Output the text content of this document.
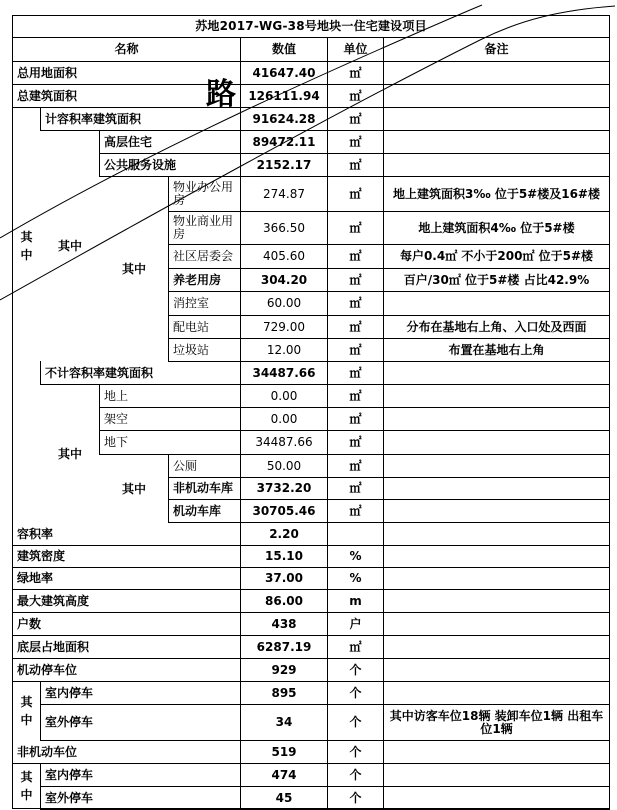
苏地2017-WG-38号地块一住宅建设项目
名称	数值	单位	备注
总用地面积	41647.40	㎡
总建筑面积	126111.94	㎡
计容积率建筑面积	91624.28	㎡
高层住宅	89472.11	㎡
公共服务设施	2152.17	㎡
物业办公用房	274.87	㎡	地上建筑面积3‰ 位于5#楼及16#楼
物业商业用房	366.50	㎡	地上建筑面积4‰ 位于5#楼
社区居委会	405.60	㎡	每户0.4㎡ 不小于200㎡ 位于5#楼
养老用房	304.20	㎡	百户/30㎡ 位于5#楼 占比42.9%
消控室	60.00	㎡
配电站	729.00	㎡	分布在基地右上角、入口处及西面
垃圾站	12.00	㎡	布置在基地右上角
不计容积率建筑面积	34487.66	㎡
地上	0.00	㎡
架空	0.00	㎡
地下	34487.66	㎡
公厕	50.00	㎡
非机动车库	3732.20	㎡
机动车库	30705.46	㎡
容积率	2.20
建筑密度	15.10	%
绿地率	37.00	%
最大建筑高度	86.00	m
户数	438	户
底层占地面积	6287.19	㎡
机动停车位	929	个
室内停车	895	个
室外停车	34	个	其中访客车位18辆 装卸车位1辆 出租车位1辆
非机动车位	519	个
室内停车	474	个
室外停车	45	个
其
中
其中
其中
其中
其中
其
中
其
中
路
